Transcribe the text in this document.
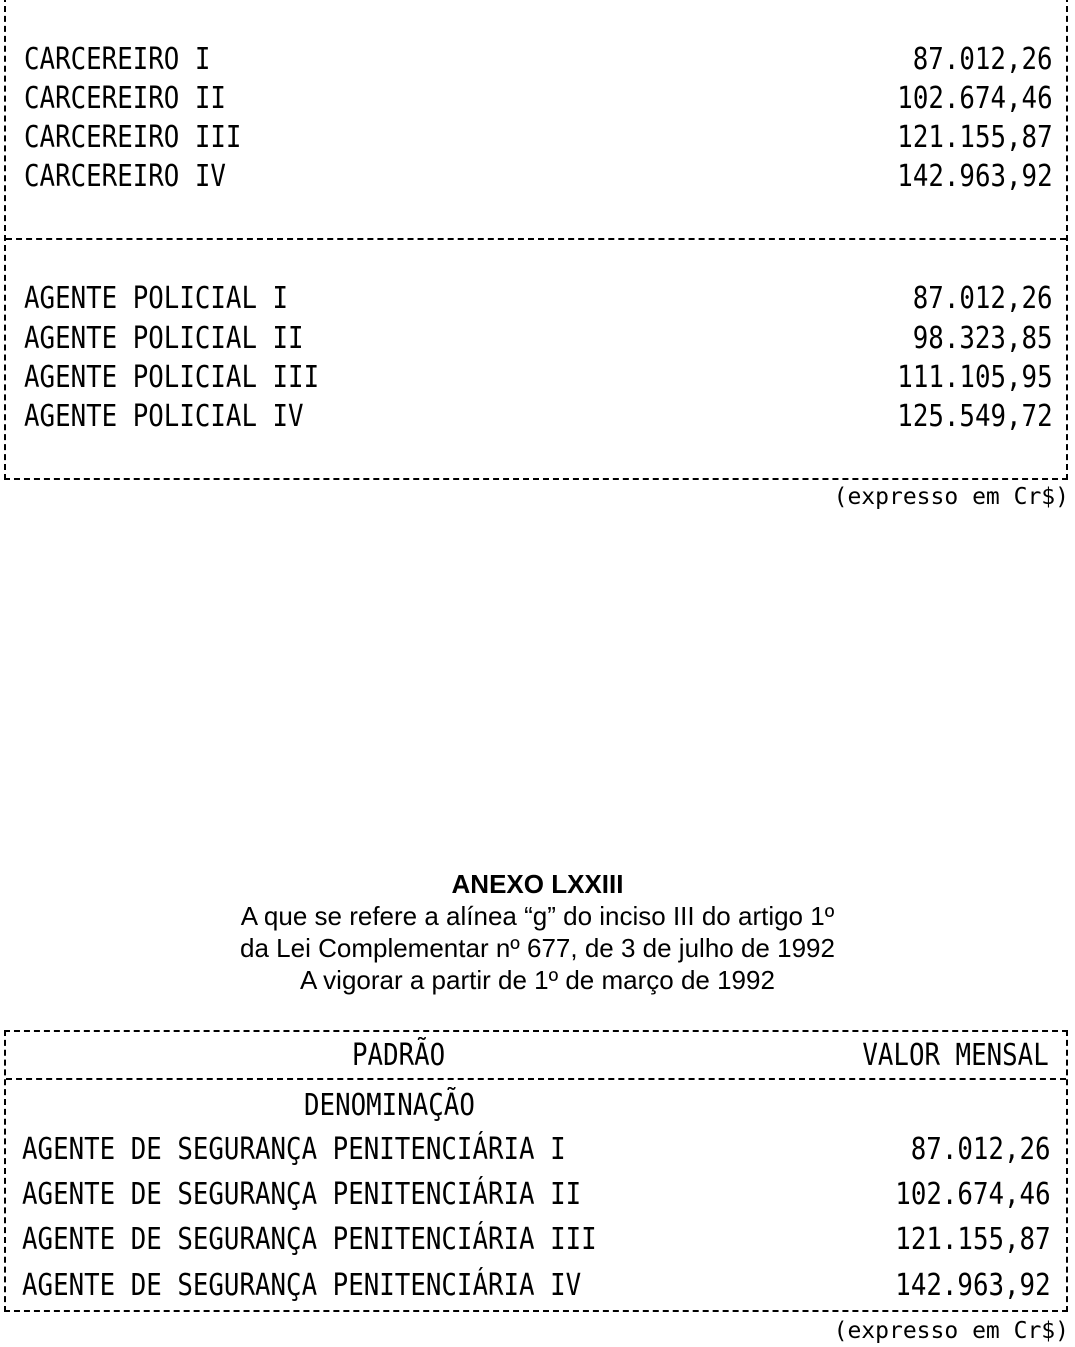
CARCEREIRO I	87.012,26
CARCEREIRO II	102.674,46
CARCEREIRO III	121.155,87
CARCEREIRO IV	142.963,92
AGENTE POLICIAL I	87.012,26
AGENTE POLICIAL II	98.323,85
AGENTE POLICIAL III	111.105,95
AGENTE POLICIAL IV	125.549,72
(expresso em Cr$)
ANEXO LXXIII
A que se refere a alínea “g” do inciso III do artigo 1º
da Lei Complementar nº 677, de 3 de julho de 1992
A vigorar a partir de 1º de março de 1992
PADRÃO	VALOR MENSAL
DENOMINAÇÃO
AGENTE DE SEGURANÇA PENITENCIÁRIA I	87.012,26
AGENTE DE SEGURANÇA PENITENCIÁRIA II	102.674,46
AGENTE DE SEGURANÇA PENITENCIÁRIA III	121.155,87
AGENTE DE SEGURANÇA PENITENCIÁRIA IV	142.963,92
(expresso em Cr$)
